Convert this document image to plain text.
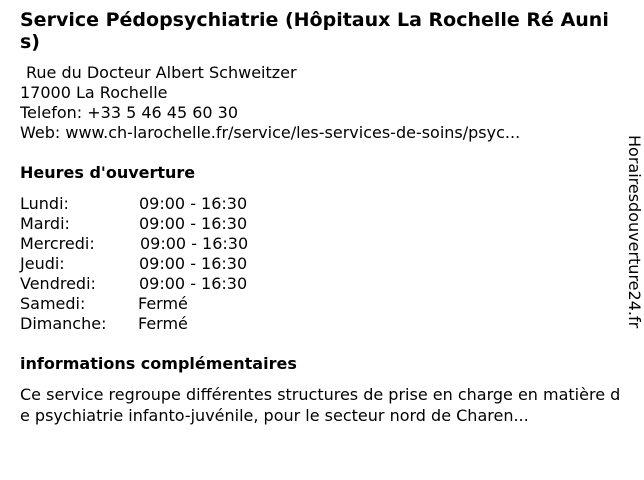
Service Pédopsychiatrie (Hôpitaux La Rochelle Ré Aunis)
Rue du Docteur Albert Schweitzer
17000 La Rochelle
Telefon: +33 5 46 45 60 30
Web: www.ch-larochelle.fr/service/les-services-de-soins/psyc...
Heures d'ouverture
Lundi:	09:00 - 16:30
Mardi:	09:00 - 16:30
Mercredi:	09:00 - 16:30
Jeudi:	09:00 - 16:30
Vendredi:	09:00 - 16:30
Samedi:	Fermé
Dimanche: Fermé
informations complémentaires
Ce service regroupe différentes structures de prise en charge en matière de psychiatrie infanto-juvénile, pour le secteur nord de Charen...
Horairesdouverture24.fr
